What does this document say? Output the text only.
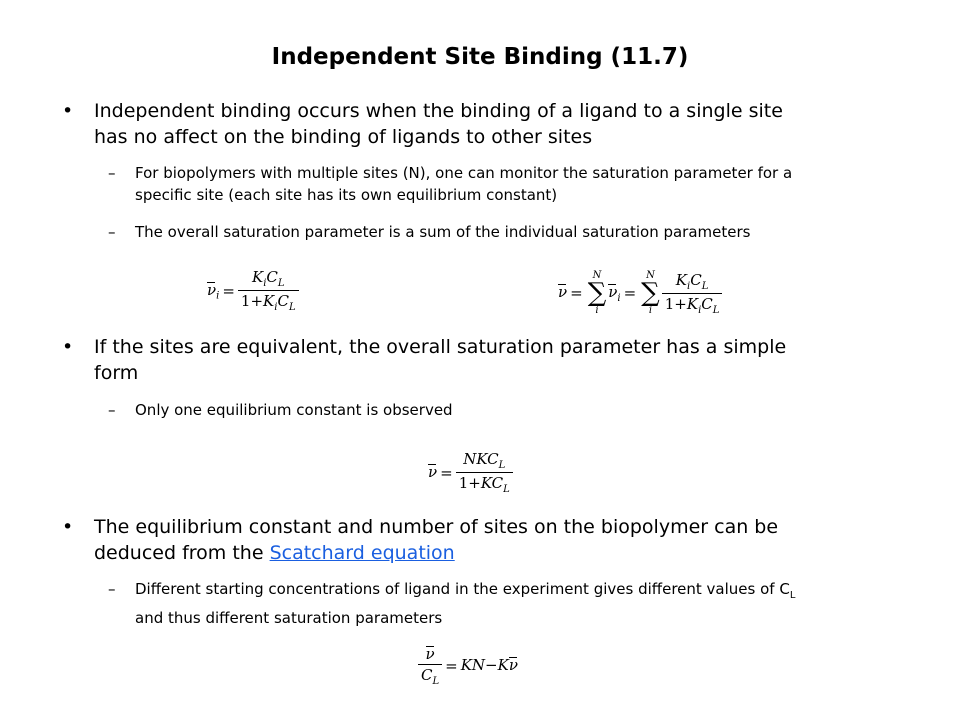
Independent Site Binding (11.7)
• Independent binding occurs when the binding of a ligand to a single site
has no affect on the binding of ligands to other sites
– For biopolymers with multiple sites (N), one can monitor the saturation parameter for a
specific site (each site has its own equilibrium constant)
– The overall saturation parameter is a sum of the individual saturation parameters
$\nu_i = \frac{K_iC_L}{1+K_iC_L}$	ν =N
∑
$i\nu_i =N$
∑
i $\frac{K_iC_L}{1+K_iC_L}$
• If the sites are equivalent, the overall saturation parameter has a simple
form
– Only one equilibrium constant is observed
$\nu = \frac{NKC_L}{1+KC_L}$
• The equilibrium constant and number of sites on the biopolymer can be
deduced from the Scatchard equation
– Different starting concentrations of ligand in the experiment gives different values of $C_L$
and thus different saturation parameters
$\frac{\nu}{C_L} = KN-K\nu$
